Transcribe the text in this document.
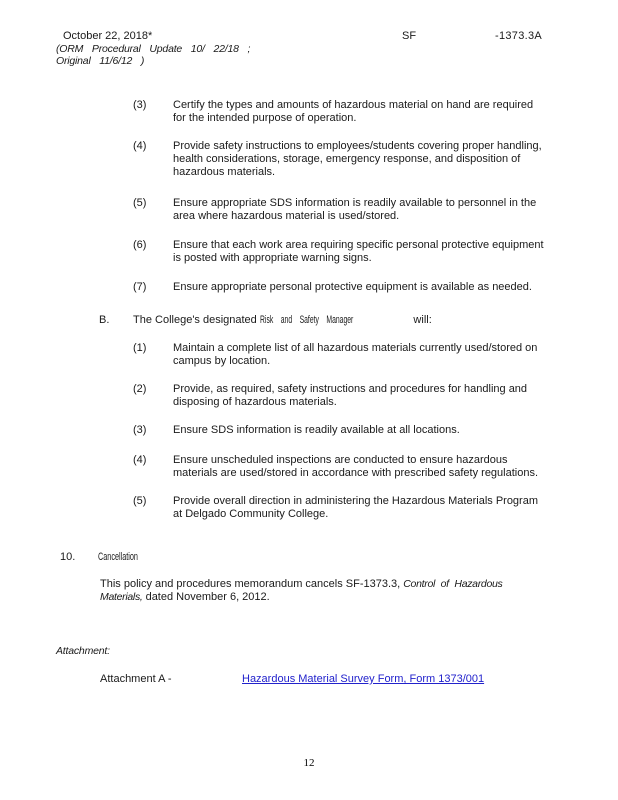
October 22, 2018*	SF	-1373.3A
(ORM Procedural Update 10/ 22/18 ;
Original 11/6/12 )
(3)	Certify the types and amounts of hazardous material on hand are required for the intended purpose of operation.
(4)	Provide safety instructions to employees/students covering proper handling, health considerations, storage, emergency response, and disposition of hazardous materials.
(5)	Ensure appropriate SDS information is readily available to personnel in the area where hazardous material is used/stored.
(6)	Ensure that each work area requiring specific personal protective equipment is posted with appropriate warning signs.
(7)	Ensure appropriate personal protective equipment is available as needed.
B.	The College's designated Risk and Safety Manager	will:
(1)	Maintain a complete list of all hazardous materials currently used/stored on campus by location.
(2)	Provide, as required, safety instructions and procedures for handling and disposing of hazardous materials.
(3)	Ensure SDS information is readily available at all locations.
(4)	Ensure unscheduled inspections are conducted to ensure hazardous materials are used/stored in accordance with prescribed safety regulations.
(5)	Provide overall direction in administering the Hazardous Materials Program at Delgado Community College.
10.	Cancellation
This policy and procedures memorandum cancels SF-1373.3, Control of Hazardous Materials, dated November 6, 2012.
Attachment:
Attachment A -	Hazardous Material Survey Form, Form 1373/001
12
